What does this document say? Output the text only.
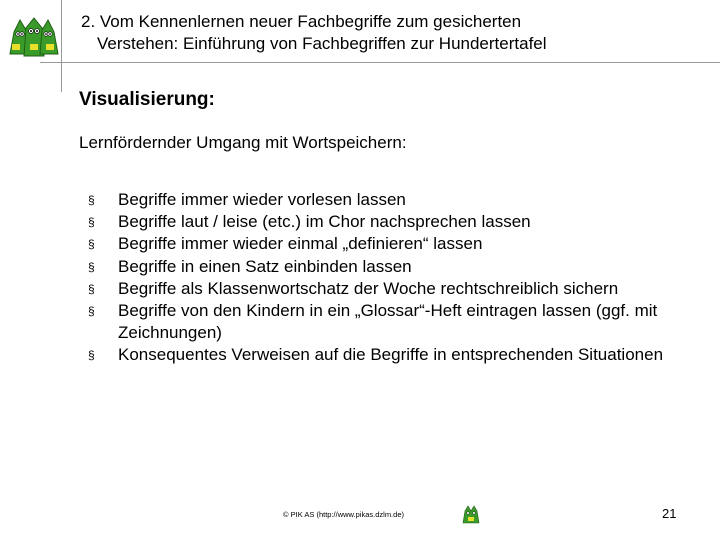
2. Vom Kennenlernen neuer Fachbegriffe zum gesicherten
Verstehen: Einführung von Fachbegriffen zur Hundertertafel
Visualisierung:
Lernfördernder Umgang mit Wortspeichern:
§ Begriffe immer wieder vorlesen lassen
§ Begriffe laut / leise (etc.) im Chor nachsprechen lassen
§ Begriffe immer wieder einmal „definieren“ lassen
§ Begriffe in einen Satz einbinden lassen
§ Begriffe als Klassenwortschatz der Woche rechtschreiblich sichern
§ Begriffe von den Kindern in ein „Glossar“-Heft eintragen lassen (ggf. mit Zeichnungen)
§ Konsequentes Verweisen auf die Begriffe in entsprechenden Situationen
© PIK AS (http://www.pikas.dzlm.de)	21
